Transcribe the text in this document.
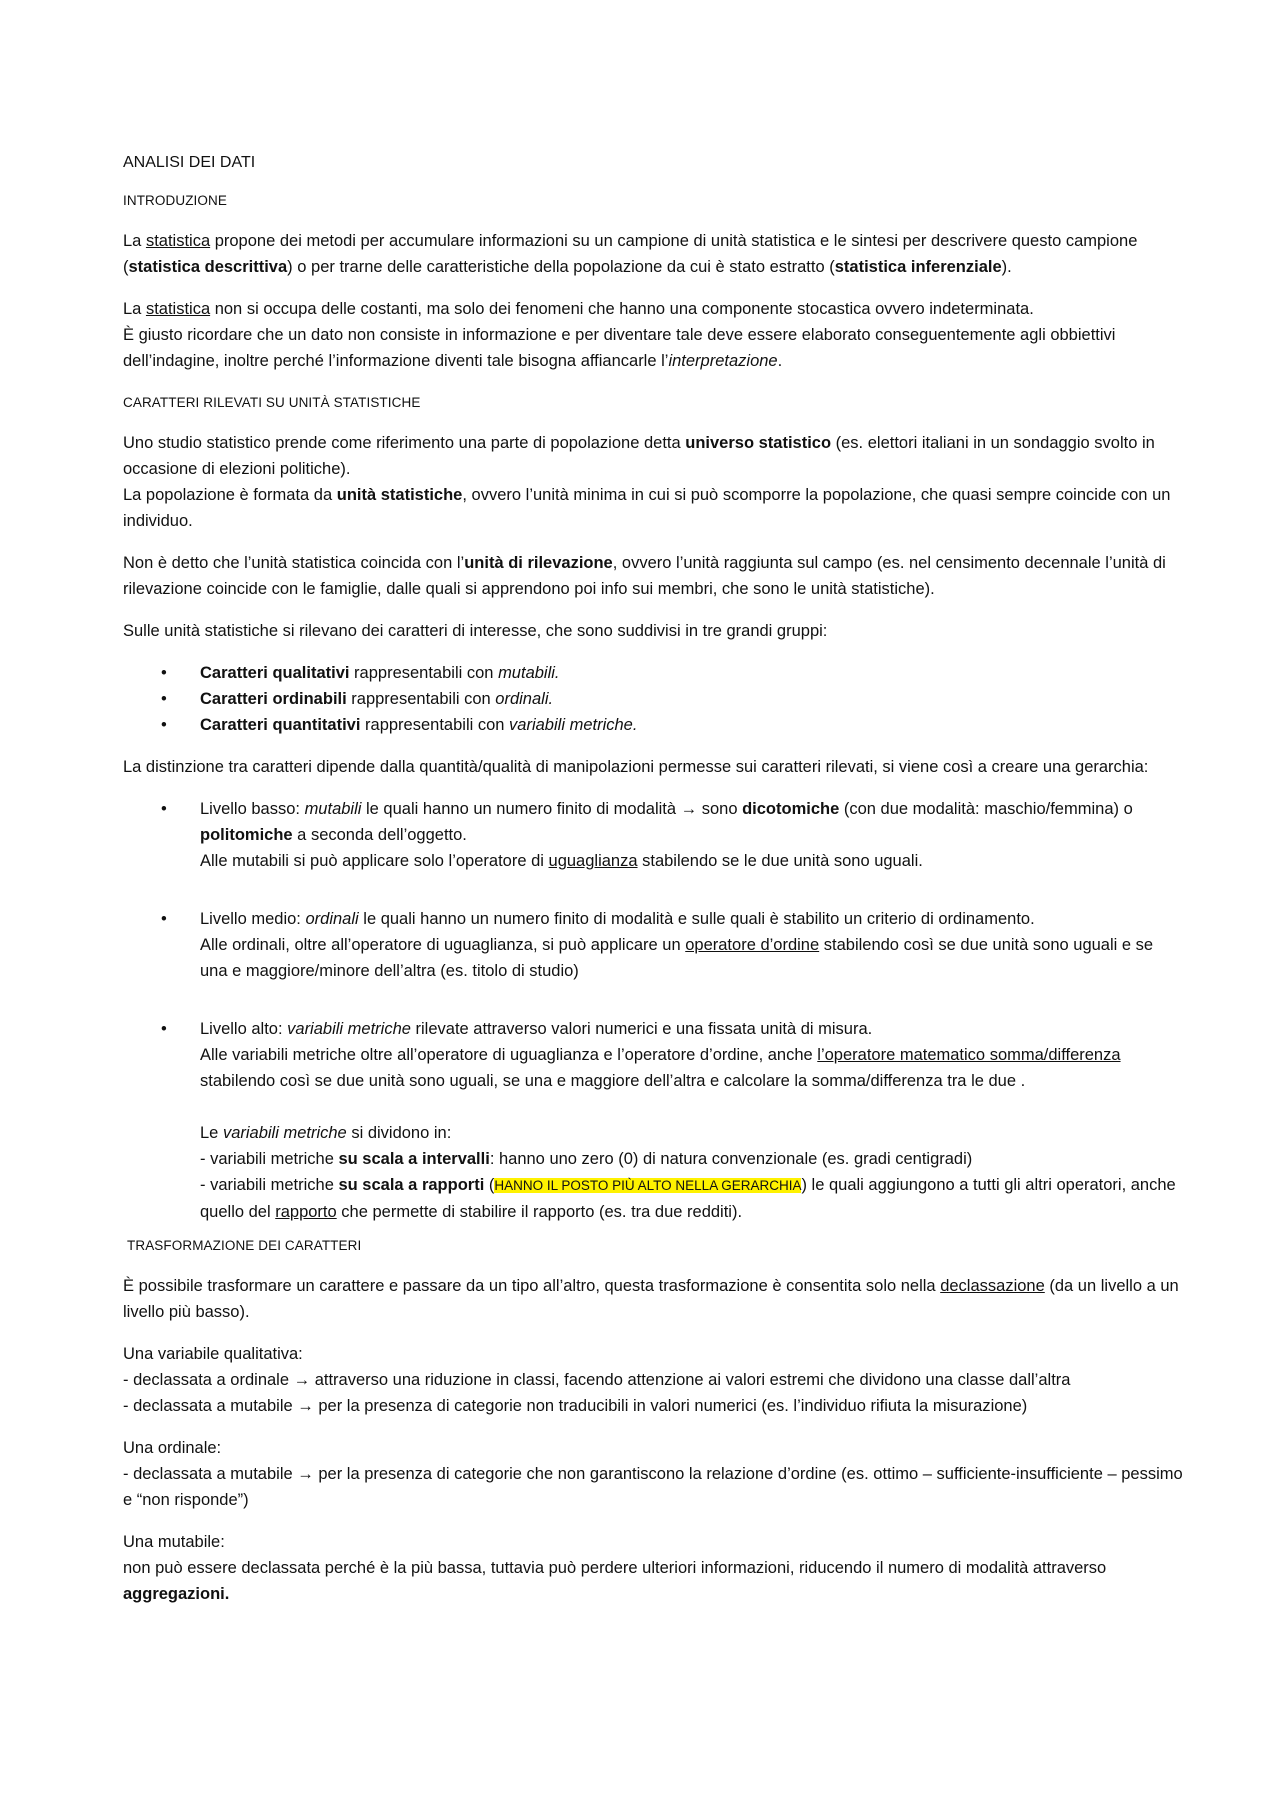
ANALISI DEI DATI
INTRODUZIONE

La statistica propone dei metodi per accumulare informazioni su un campione di unità statistica e le sintesi per descrivere questo campione (statistica descrittiva) o per trarne delle caratteristiche della popolazione da cui è stato estratto (statistica inferenziale).

La statistica non si occupa delle costanti, ma solo dei fenomeni che hanno una componente stocastica ovvero indeterminata.
È giusto ricordare che un dato non consiste in informazione e per diventare tale deve essere elaborato conseguentemente agli obbiettivi dell’indagine, inoltre perché l’informazione diventi tale bisogna affiancarle l’interpretazione.

CARATTERI RILEVATI SU UNITÀ STATISTICHE

Uno studio statistico prende come riferimento una parte di popolazione detta universo statistico (es. elettori italiani in un sondaggio svolto in occasione di elezioni politiche).
La popolazione è formata da unità statistiche, ovvero l’unità minima in cui si può scomporre la popolazione, che quasi sempre coincide con un individuo.

Non è detto che l’unità statistica coincida con l’unità di rilevazione, ovvero l’unità raggiunta sul campo (es. nel censimento decennale l’unità di rilevazione coincide con le famiglie, dalle quali si apprendono poi info sui membri, che sono le unità statistiche).

Sulle unità statistiche si rilevano dei caratteri di interesse, che sono suddivisi in tre grandi gruppi:

• Caratteri qualitativi rappresentabili con mutabili.
• Caratteri ordinabili rappresentabili con ordinali.
• Caratteri quantitativi rappresentabili con variabili metriche.

La distinzione tra caratteri dipende dalla quantità/qualità di manipolazioni permesse sui caratteri rilevati, si viene così a creare una gerarchia:

• Livello basso: mutabili le quali hanno un numero finito di modalità → sono dicotomiche (con due modalità: maschio/femmina) o politomiche a seconda dell’oggetto.
Alle mutabili si può applicare solo l’operatore di uguaglianza stabilendo se le due unità sono uguali.
• Livello medio: ordinali le quali hanno un numero finito di modalità e sulle quali è stabilito un criterio di ordinamento.
Alle ordinali, oltre all’operatore di uguaglianza, si può applicare un operatore d’ordine stabilendo così se due unità sono uguali e se una e maggiore/minore dell’altra (es. titolo di studio)
• Livello alto: variabili metriche rilevate attraverso valori numerici e una fissata unità di misura.
Alle variabili metriche oltre all’operatore di uguaglianza e l’operatore d’ordine, anche l’operatore matematico somma/differenza stabilendo così se due unità sono uguali, se una e maggiore dell’altra e calcolare la somma/differenza tra le due .
Le variabili metriche si dividono in:
- variabili metriche su scala a intervalli: hanno uno zero (0) di natura convenzionale (es. gradi centigradi)
- variabili metriche su scala a rapporti (HANNO IL POSTO PIÙ ALTO NELLA GERARCHIA) le quali aggiungono a tutti gli altri operatori, anche quello del rapporto che permette di stabilire il rapporto (es. tra due redditi).
TRASFORMAZIONE DEI CARATTERI

È possibile trasformare un carattere e passare da un tipo all’altro, questa trasformazione è consentita solo nella declassazione (da un livello a un livello più basso).

Una variabile qualitativa:
- declassata a ordinale → attraverso una riduzione in classi, facendo attenzione ai valori estremi che dividono una classe dall’altra
- declassata a mutabile → per la presenza di categorie non traducibili in valori numerici (es. l’individuo rifiuta la misurazione)

Una ordinale:
- declassata a mutabile → per la presenza di categorie che non garantiscono la relazione d’ordine (es. ottimo – sufficiente-insufficiente – pessimo e “non risponde”)

Una mutabile:
non può essere declassata perché è la più bassa, tuttavia può perdere ulteriori informazioni, riducendo il numero di modalità attraverso aggregazioni.
